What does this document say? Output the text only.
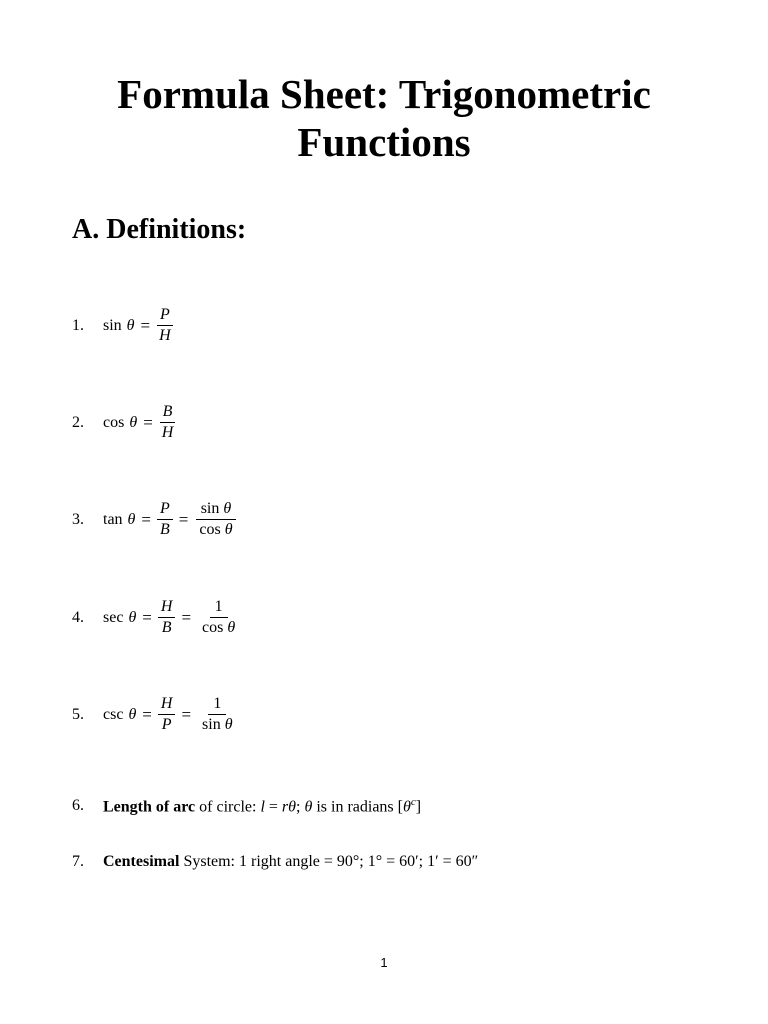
Formula Sheet: Trigonometric
Functions
A. Definitions:
1.	$\sin \theta = \frac{P}{H}$
2.	$\cos \theta = \frac{B}{H}$
3.	$\tan \theta = \frac{P}{B} = \frac{\text{sin θ}}{\text{cos θ}}$
4.	$\sec \theta = \frac{H}{B} = \frac{1}{\text{cos θ}}$
5.	$\csc \theta = \frac{H}{P} = \frac{1}{\text{sin θ}}$
6.	Length of arc of circle: l = rθ; θ is in radians $[\theta^c]$
7.	Centesimal System: 1 right angle = 90°; 1° = 60′; 1′ = 60″
1
